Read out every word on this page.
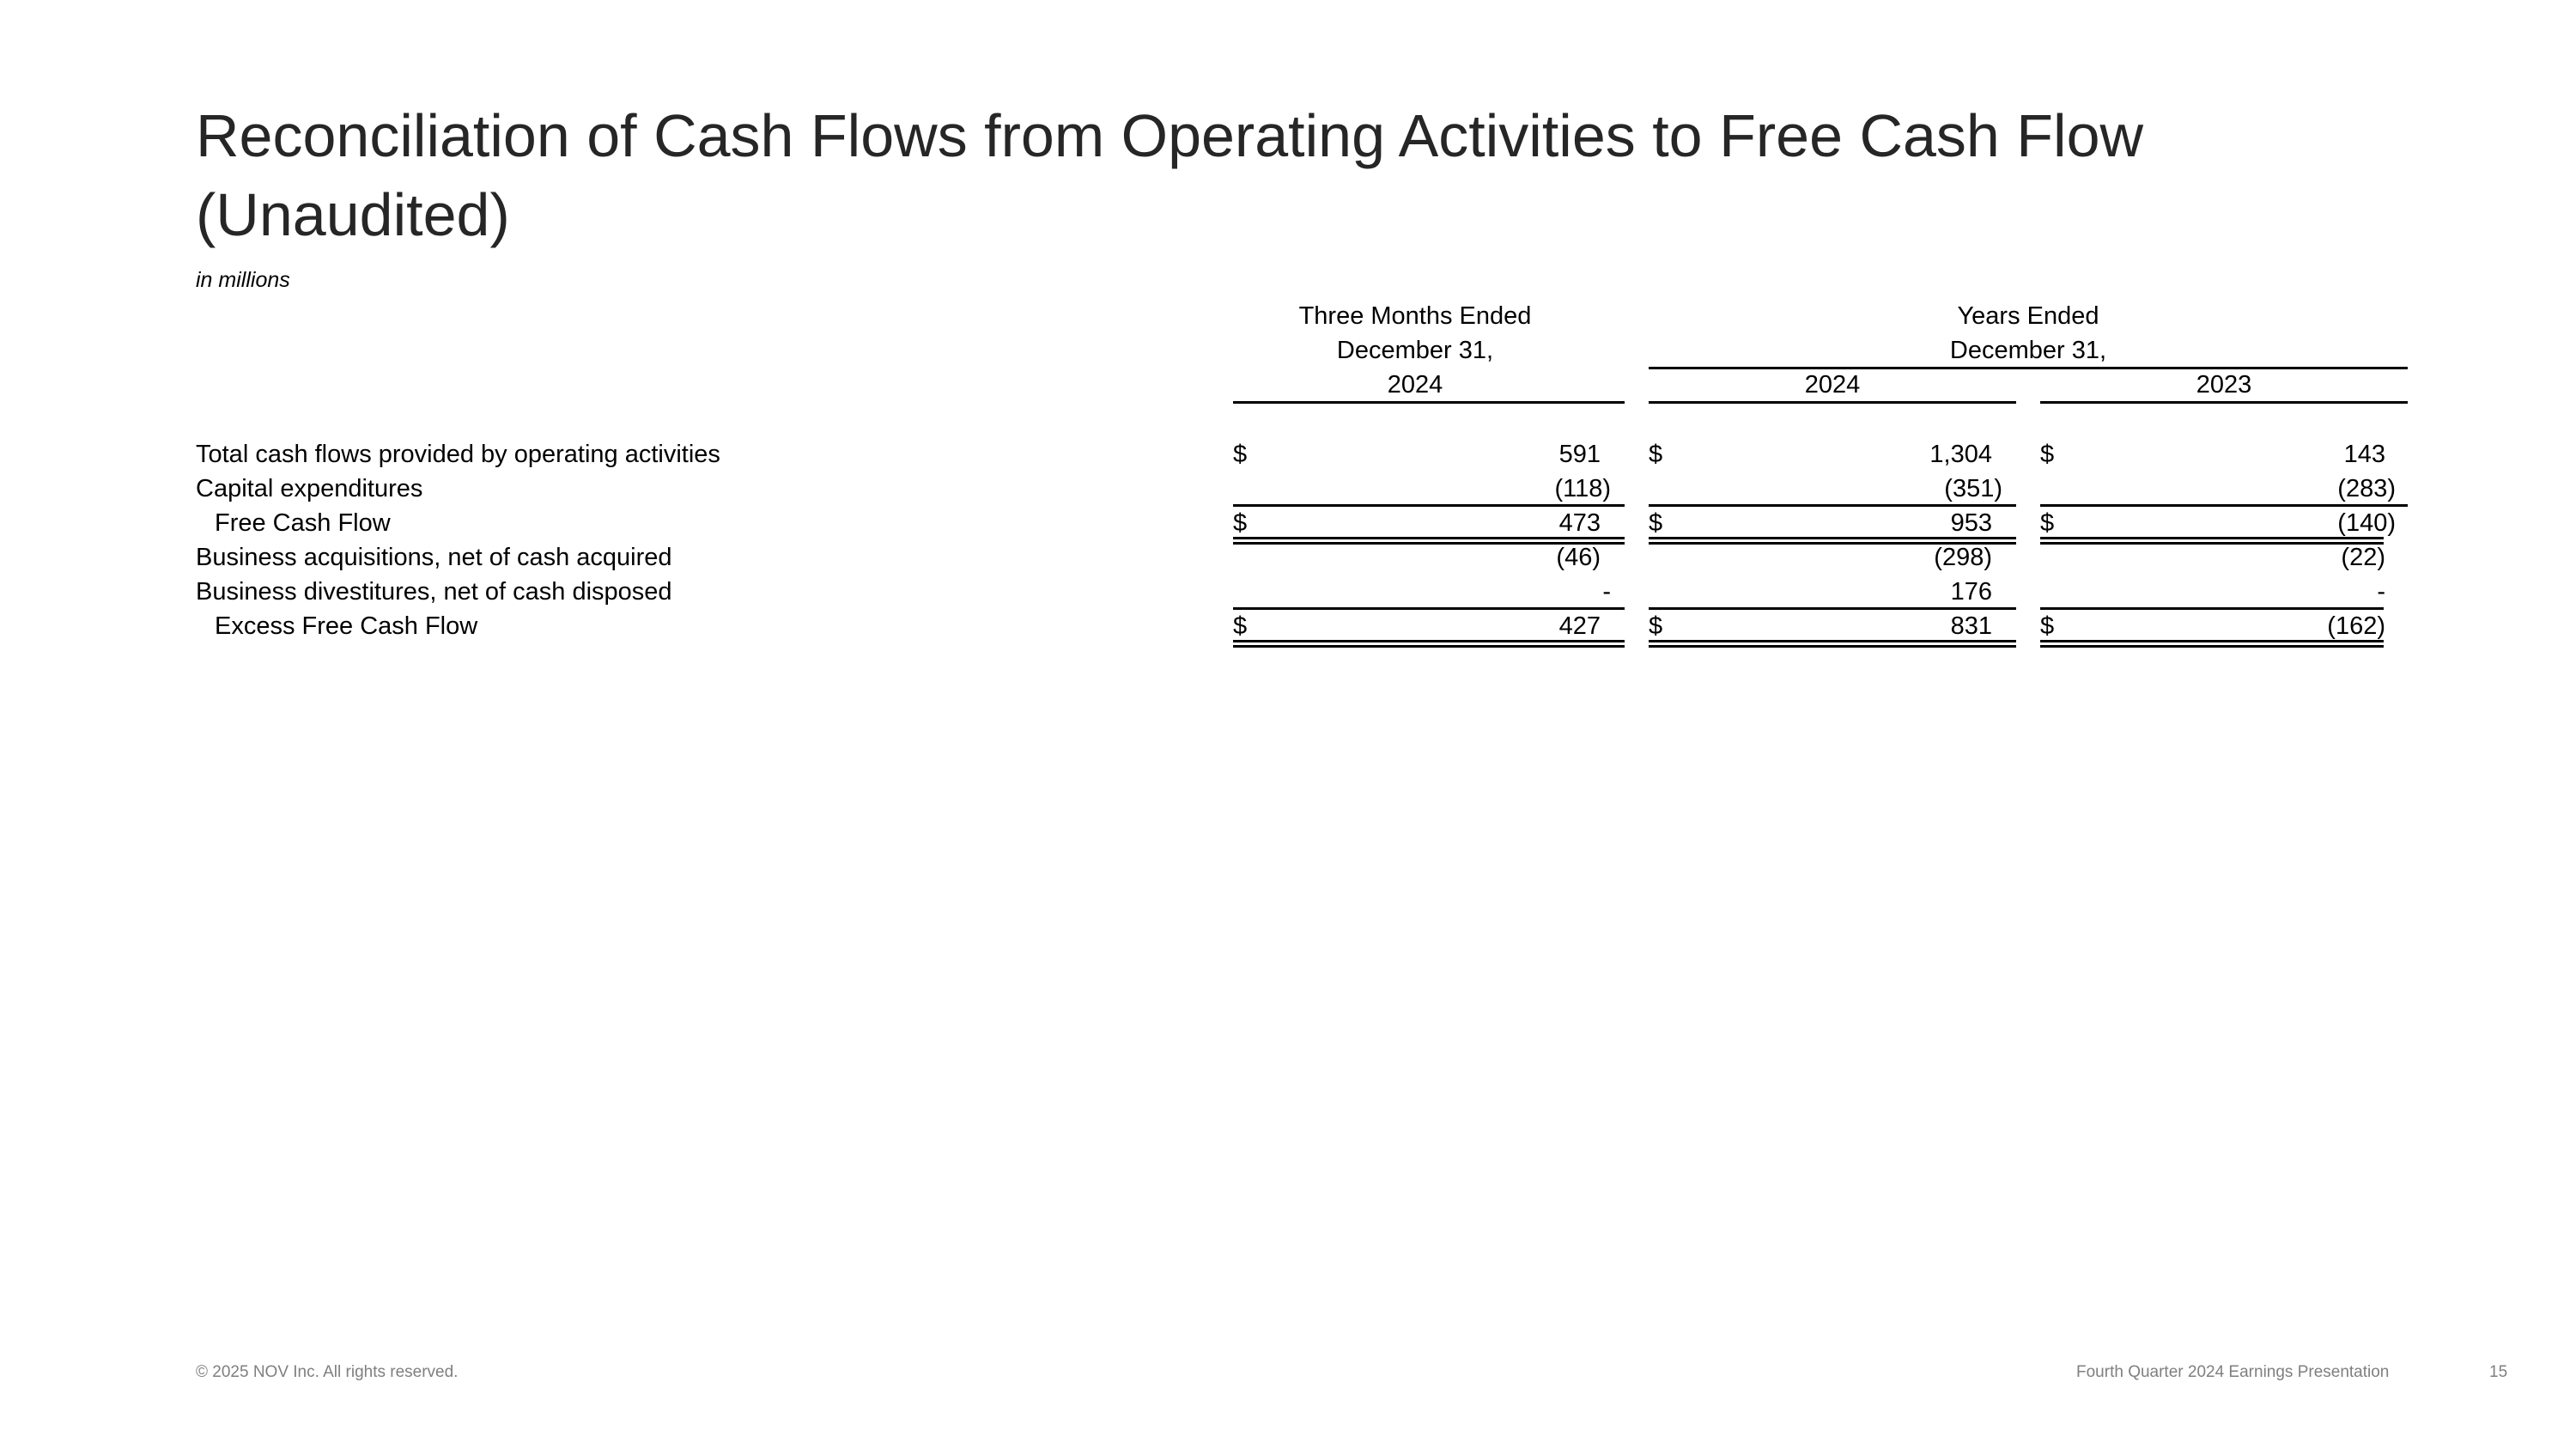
Reconciliation of Cash Flows from Operating Activities to Free Cash Flow (Unaudited)
in millions
Three Months Ended
December 31,
2024
Years Ended
December 31,
2024	2023
Total cash flows provided by operating activities	$	591 $	1,304 $	143
Capital expenditures	(118)	(351)	(283)
Free Cash Flow	$	473 $	953 $	(140)
Business acquisitions, net of cash acquired	(46)	(298)	(22)
Business divestitures, net of cash disposed	-	176	-
Excess Free Cash Flow	$	427 $	831 $	(162)
© 2025 NOV Inc. All rights reserved.	Fourth Quarter 2024 Earnings Presentation	15
